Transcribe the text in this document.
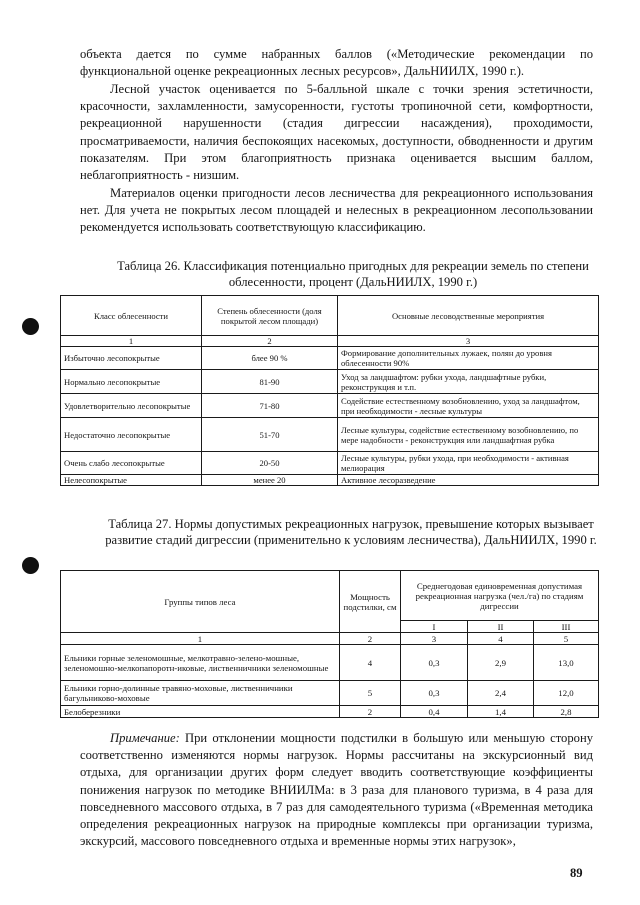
объекта дается по сумме набранных баллов («Методические рекомендации по функциональной оценке рекреационных лесных ресурсов», ДальНИИЛХ, 1990 г.).

Лесной участок оценивается по 5-балльной шкале с точки зрения эстетичности, красочности, захламленности, замусоренности, густоты тропиночной сети, комфортности, рекреационной нарушенности (стадия дигрессии насаждения), проходимости, просматриваемости, наличия беспокоящих насекомых, доступности, обводненности и другим показателям. При этом благоприятность признака оценивается высшим баллом, неблагоприятность - низшим.

Материалов оценки пригодности лесов лесничества для рекреационного использования нет. Для учета не покрытых лесом площадей и нелесных в рекреационном лесопользовании рекомендуется использовать соответствующую классификацию.

Таблица 26. Классификация потенциально пригодных для рекреации земель по степени облесенности, процент (ДальНИИЛХ, 1990 г.)

Класс облесенности	Степень облесенности (доля покрытой лесом площади)	Основные лесоводственные мероприятия
1	2	3
Избыточно лесопокрытые	блее 90 %	Формирование дополнительных лужаек, полян до уровня облесенности 90%
Нормально лесопокрытые	81-90	Уход за ландшафтом: рубки ухода, ландшафтные рубки, реконструкция и т.п.
Удовлетворительно лесопокрытые	71-80	Содействие естественному возобновлению, уход за ландшафтом, при необходимости - лесные культуры
Недостаточно лесопокрытые	51-70	Лесные культуры, содействие естественному возобновлению, по мере надобности - реконструкция или ландшафтная рубка
Очень слабо лесопокрытые	20-50	Лесные культуры, рубки ухода, при необходимости - активная мелиорация
Нелесопокрытые	менее 20	Активное лесоразведение

Таблица 27. Нормы допустимых рекреационных нагрузок, превышение которых вызывает развитие стадий дигрессии (применительно к условиям лесничества), ДальНИИЛХ, 1990 г.

Группы типов леса	Мощность подстилки, см	Среднегодовая единовременная допустимая рекреационная нагрузка (чел./га) по стадиям дигрессии		
		I	II	III
1	2	3	4	5
Ельники горные зеленомошные, мелкотравно-зелено-мошные, зеленомошно-мелкопапоротн-иковые, лиственничники зеленомошные	4	0,3	2,9	13,0
Ельники горно-долинные травяно-моховые, лиственничники багульниково-моховые	5	0,3	2,4	12,0
Белоберезники	2	0,4	1,4	2,8

Примечание: При отклонении мощности подстилки в большую или меньшую сторону соответственно изменяются нормы нагрузок. Нормы рассчитаны на экскурсионный вид отдыха, для организации других форм следует вводить соответствующие коэффициенты понижения нагрузок по методике ВНИИЛМа: в 3 раза для планового туризма, в 4 раза для повседневного массового отдыха, в 7 раз для самодеятельного туризма («Временная методика определения рекреационных нагрузок на природные комплексы при организации туризма, экскурсий, массового повседневного отдыха и временные нормы этих нагрузок»,

89
